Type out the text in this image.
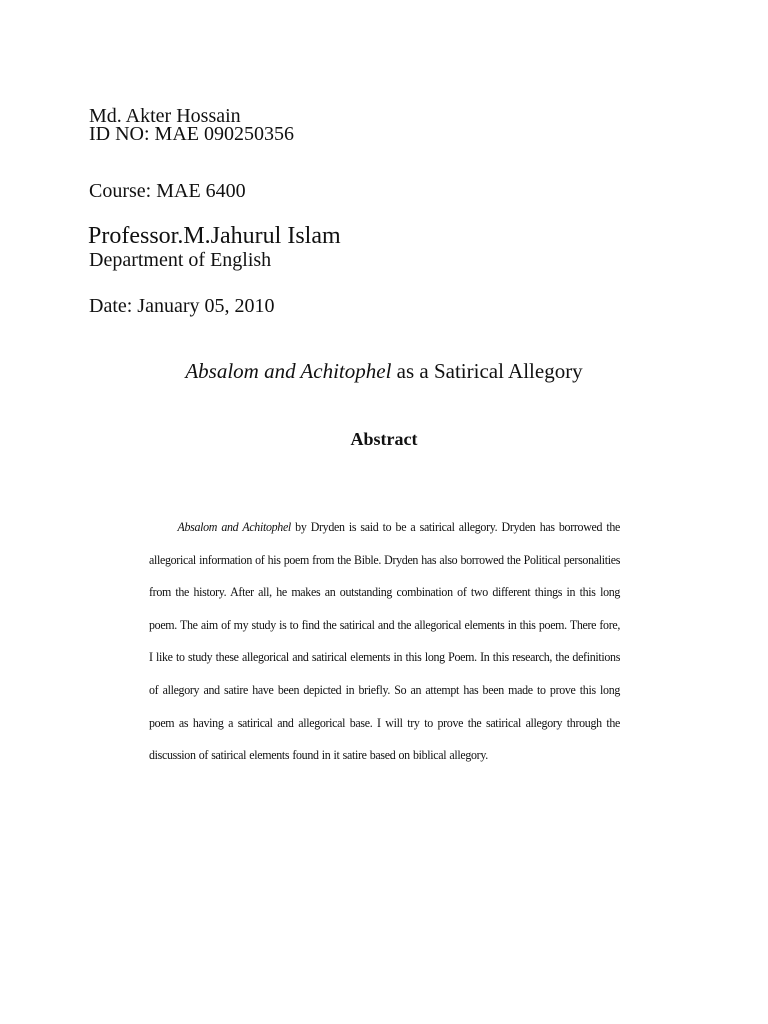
Md. Akter Hossain
ID NO: MAE 090250356
Course: MAE 6400
Professor.M.Jahurul Islam
Department of English
Date: January 05, 2010
Absalom and Achitophel as a Satirical Allegory
Abstract
Absalom and Achitophel by Dryden is said to be a satirical allegory. Dryden has borrowed the allegorical information of his poem from the Bible. Dryden has also borrowed the Political personalities from the history. After all, he makes an outstanding combination of two different things in this long poem. The aim of my study is to find the satirical and the allegorical elements in this poem. There fore, I like to study these allegorical and satirical elements in this long Poem. In this research, the definitions of allegory and satire have been depicted in briefly. So an attempt has been made to prove this long poem as having a satirical and allegorical base. I will try to prove the satirical allegory through the discussion of satirical elements found in it satire based on biblical allegory.
